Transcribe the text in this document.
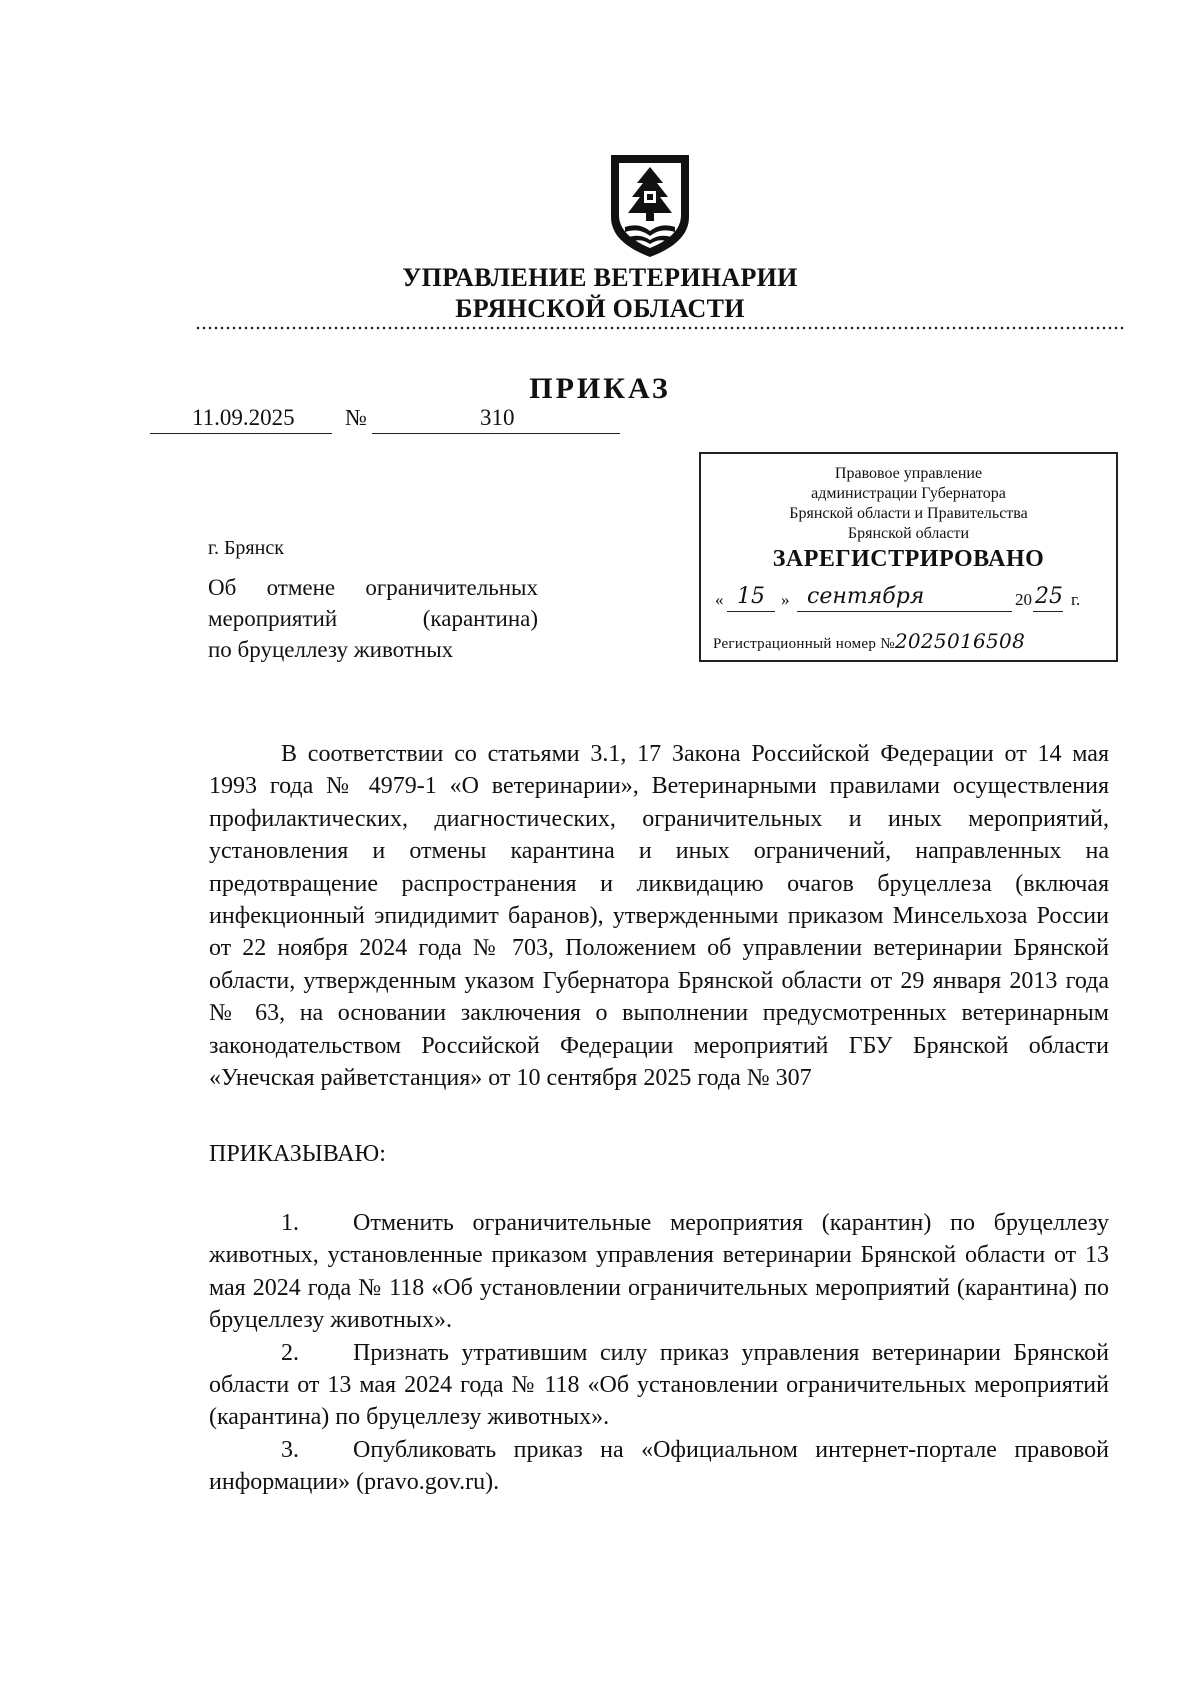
УПРАВЛЕНИЕ ВЕТЕРИНАРИИ
БРЯНСКОЙ ОБЛАСТИ
ПРИКАЗ
11.09.2025 №	310
Правовое управление
администрации Губернатора
Брянской области и Правительства
Брянской области
ЗАРЕГИСТРИРОВАНО
« 15 » сентября	20 25 г.
Регистрационный номер №2025016508
г. Брянск
Об отмене ограничительных
мероприятий (карантина)
по бруцеллезу животных

В соответствии со статьями 3.1, 17 Закона Российской Федерации от 14 мая 1993 года № 4979-1 «О ветеринарии», Ветеринарными правилами осуществления профилактических, диагностических, ограничительных и иных мероприятий, установления и отмены карантина и иных ограничений, направленных на предотвращение распространения и ликвидацию очагов бруцеллеза (включая инфекционный эпидидимит баранов), утвержденными приказом Минсельхоза России от 22 ноября 2024 года № 703, Положением об управлении ветеринарии Брянской области, утвержденным указом Губернатора Брянской области от 29 января 2013 года № 63, на основании заключения о выполнении предусмотренных ветеринарным законодательством Российской Федерации мероприятий ГБУ Брянской области «Унечская райветстанция» от 10 сентября 2025 года № 307

ПРИКАЗЫВАЮ:

1. Отменить ограничительные мероприятия (карантин) по бруцеллезу животных, установленные приказом управления ветеринарии Брянской области от 13 мая 2024 года № 118 «Об установлении ограничительных мероприятий (карантина) по бруцеллезу животных».

2. Признать утратившим силу приказ управления ветеринарии Брянской области от 13 мая 2024 года № 118 «Об установлении ограничительных мероприятий (карантина) по бруцеллезу животных».

3. Опубликовать приказ на «Официальном интернет-портале правовой информации» (pravo.gov.ru).
